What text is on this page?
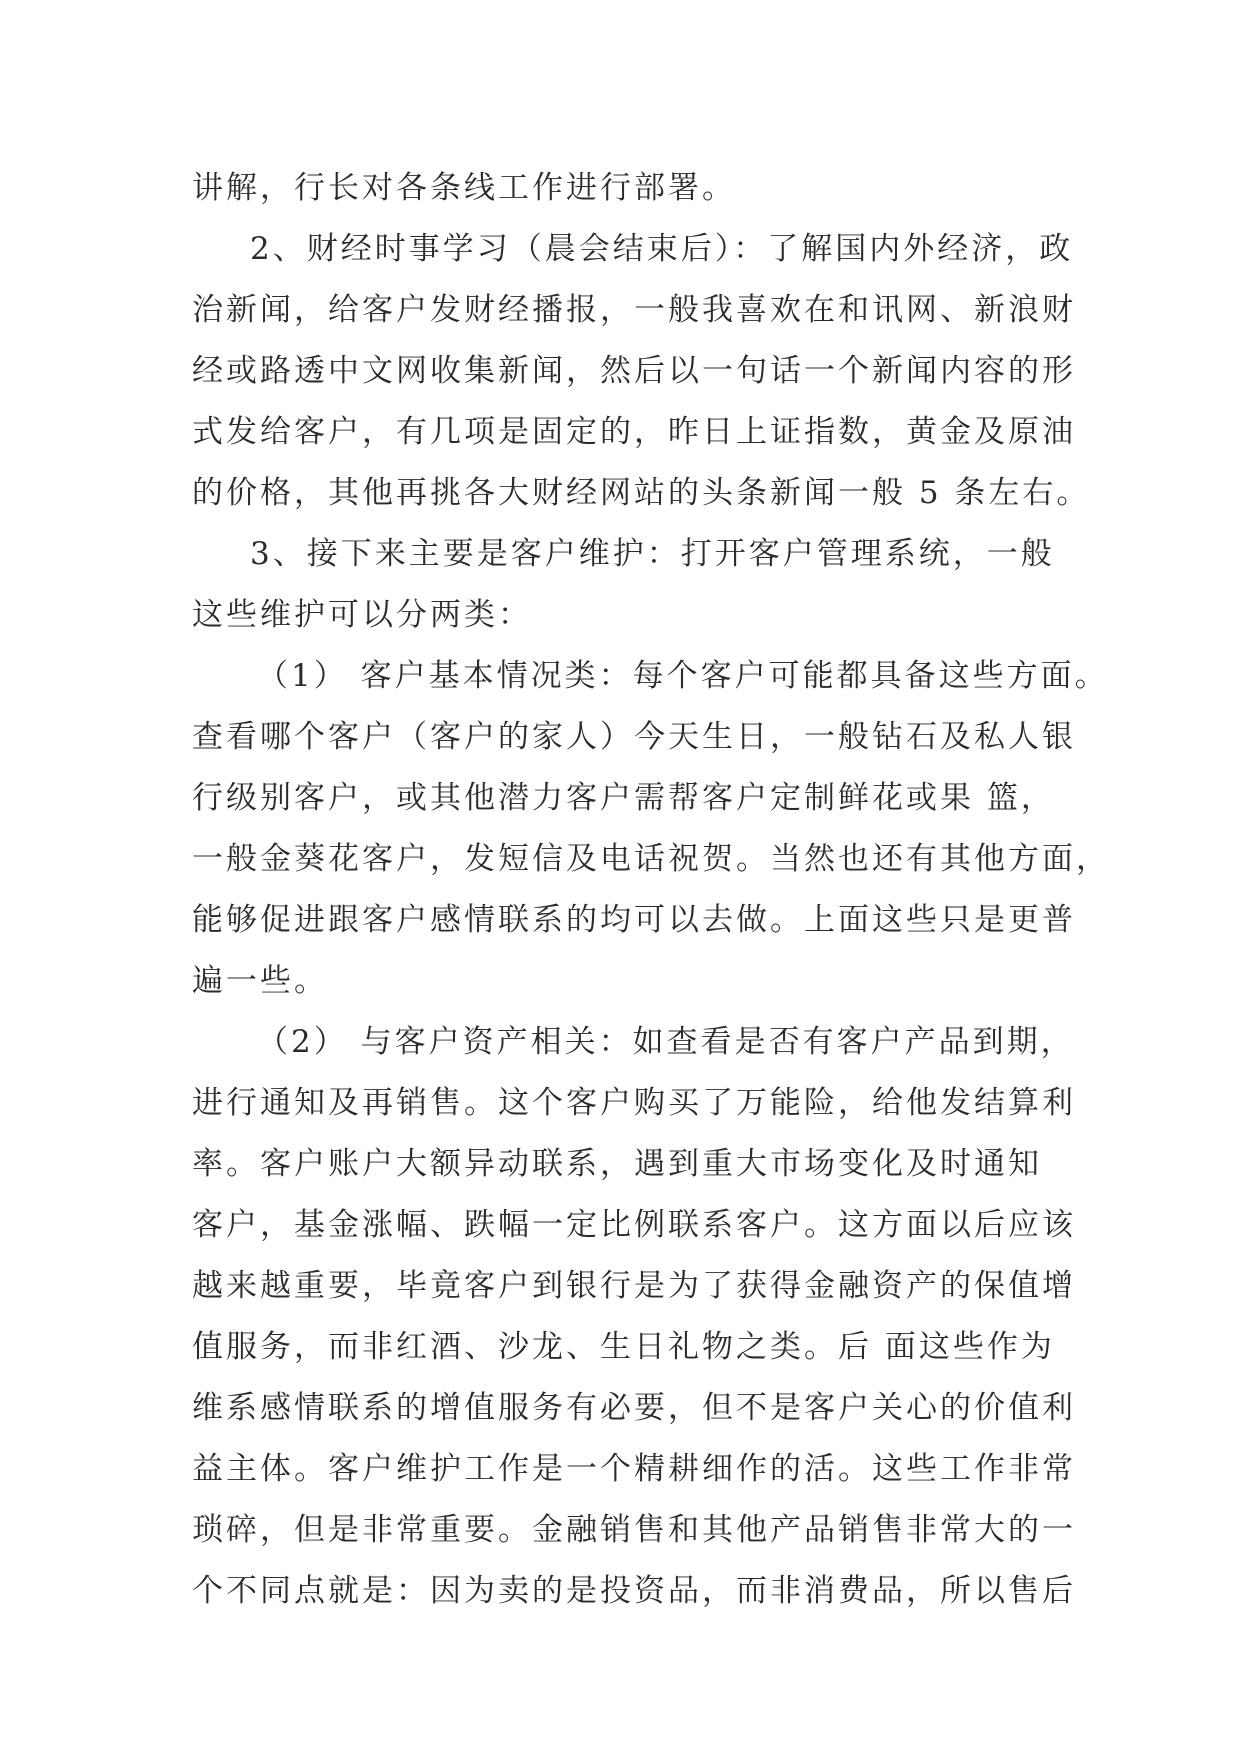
讲解，行长对各条线工作进行部署。
2、财经时事学习（晨会结束后）：了解国内外经济，政
治新闻，给客户发财经播报，一般我喜欢在和讯网、新浪财
经或路透中文网收集新闻，然后以一句话一个新闻内容的形
式发给客户，有几项是固定的，昨日上证指数，黄金及原油
的价格，其他再挑各大财经网站的头条新闻一般 5 条左右。
3、接下来主要是客户维护：打开客户管理系统，一般
这些维护可以分两类：
（1） 客户基本情况类：每个客户可能都具备这些方面。
查看哪个客户（客户的家人）今天生日，一般钻石及私人银
行级别客户，或其他潜力客户需帮客户定制鲜花或果 篮，
一般金葵花客户，发短信及电话祝贺。当然也还有其他方面，
能够促进跟客户感情联系的均可以去做。上面这些只是更普
遍一些。
（2） 与客户资产相关：如查看是否有客户产品到期，
进行通知及再销售。这个客户购买了万能险，给他发结算利
率。客户账户大额异动联系，遇到重大市场变化及时通知
客户，基金涨幅、跌幅一定比例联系客户。这方面以后应该
越来越重要，毕竟客户到银行是为了获得金融资产的保值增
值服务，而非红酒、沙龙、生日礼物之类。后 面这些作为
维系感情联系的增值服务有必要，但不是客户关心的价值利
益主体。客户维护工作是一个精耕细作的活。这些工作非常
琐碎，但是非常重要。金融销售和其他产品销售非常大的一
个不同点就是：因为卖的是投资品，而非消费品，所以售后
